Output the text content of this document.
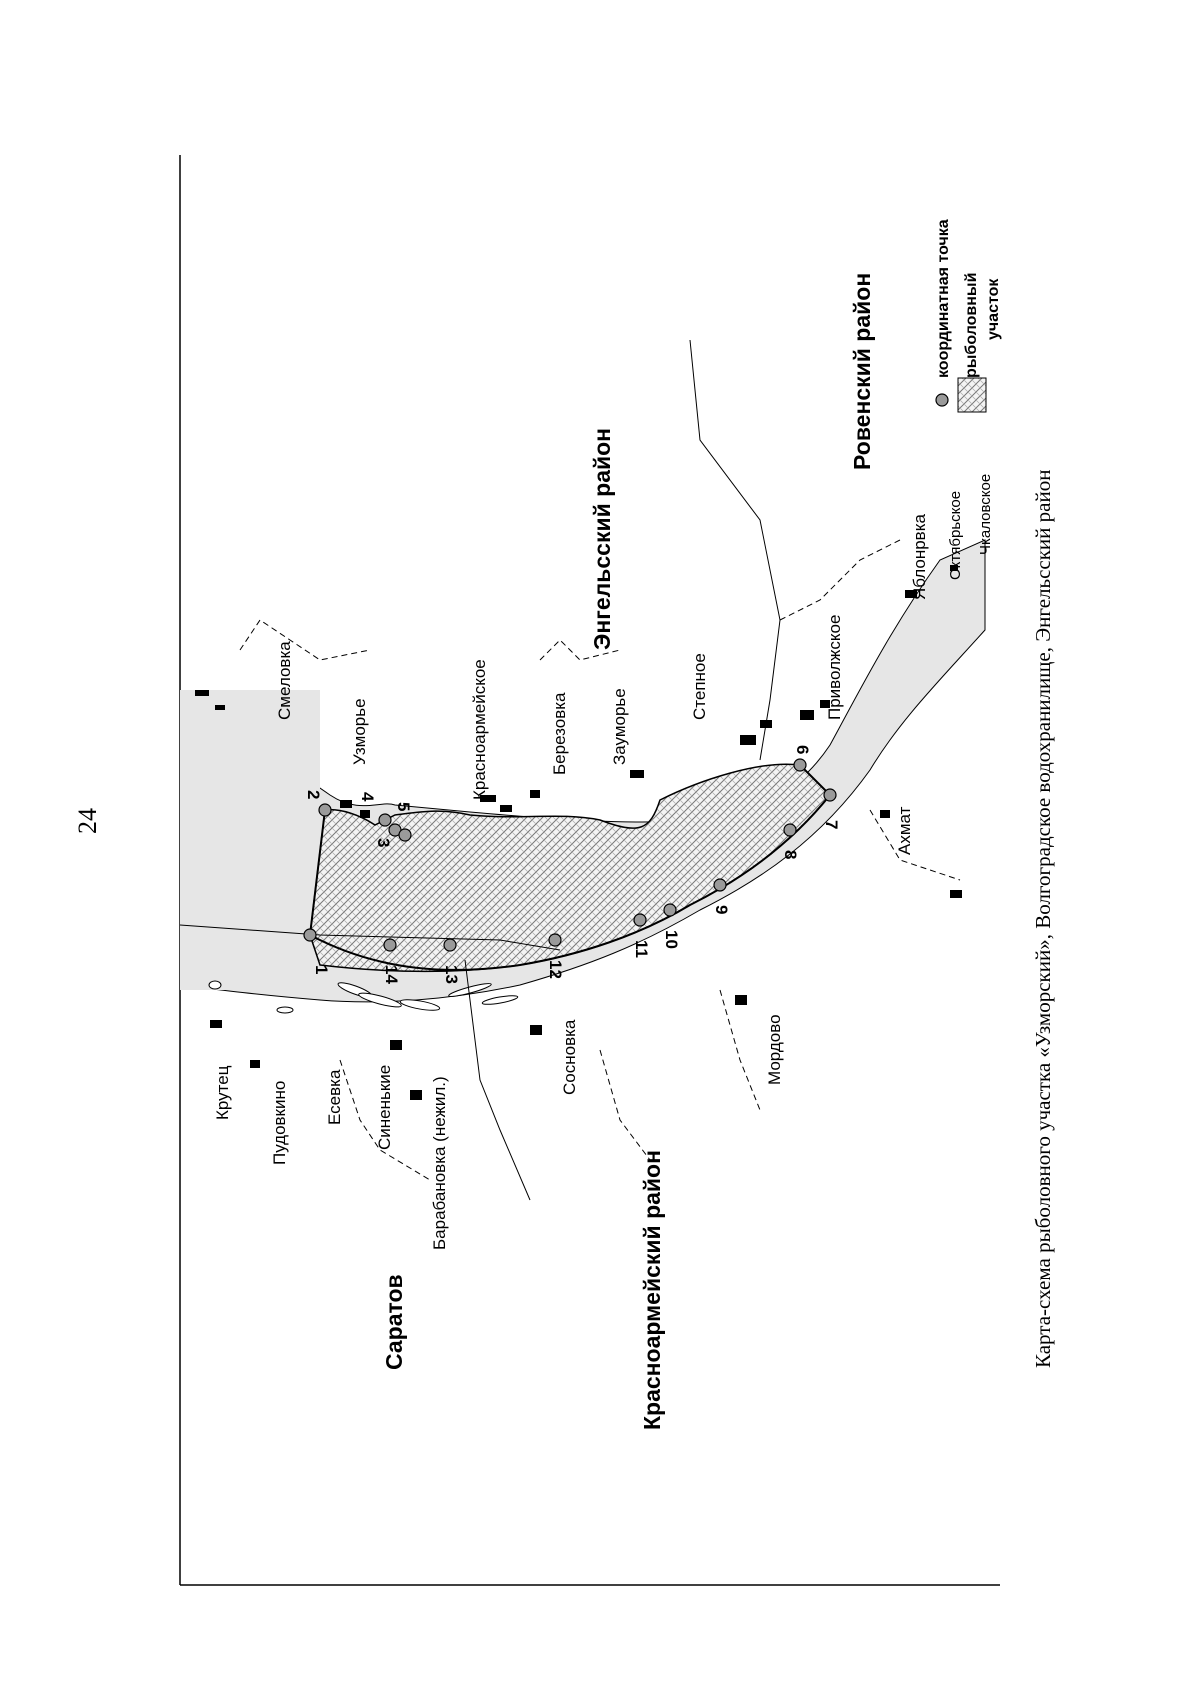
24
1
2
3
4
5
6
7
8
9
10
11
12
13
14
Смеловка
Узморье	Красноармейское	Березовка Заумоpье
Степное	Приволжское
Яблонрвка Октябрьское Чкаловское
Ахмат
Мордово
Сосновка
Крутец Пудовкино Есевка Синенькие Барабановка (нежил.)
Энгельсский район
Ровенский район
Красноармейский район
Саратов
координатная точка рыболовный участок
Карта-схема рыболовного участка «Узморский», Волгоградское водохранилище, Энгельсский район
